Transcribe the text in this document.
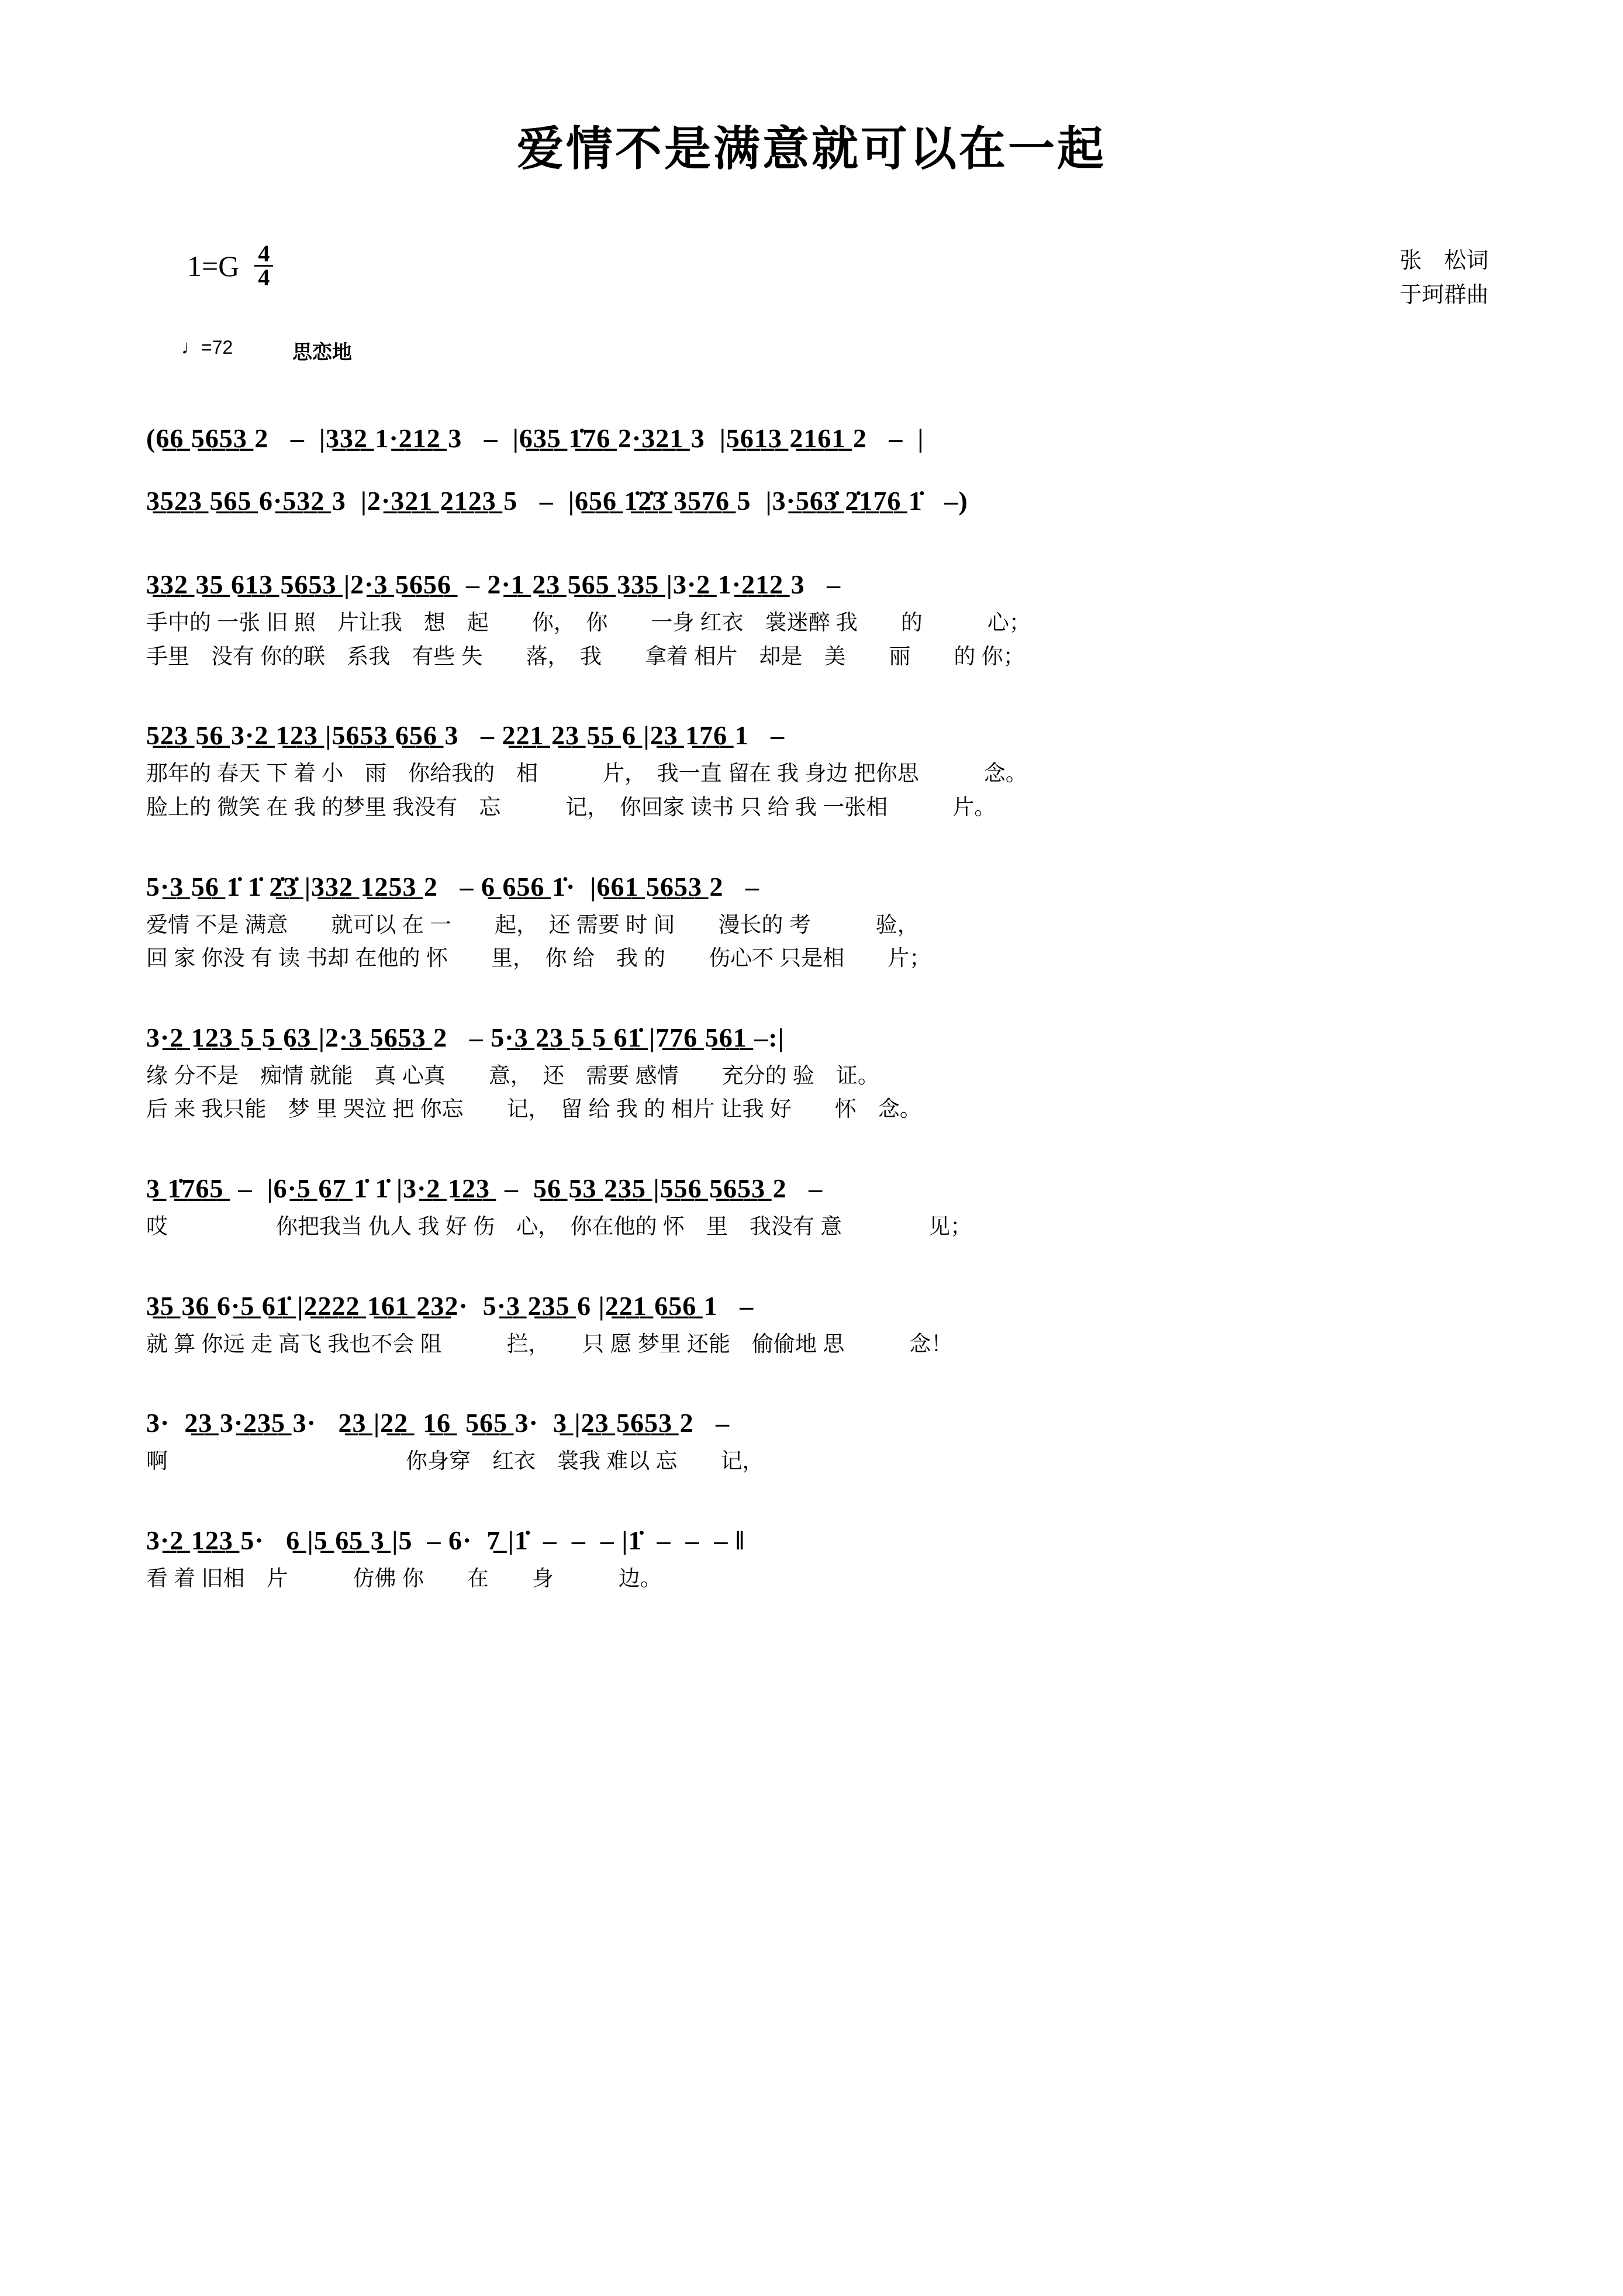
爱情不是满意就可以在一起
$1=G \frac{4}{4}$	张　松词
于珂群曲
♩=72	思恋地
(6̲6̲ 5̲6̲5̲3̲ 2   –  |3̲3̲2̲ 1·̲2̲1̲2̲ 3   –  |6̲3̲5̲ 1̲̇7̲6̲ 2·̲3̲2̲1̲ 3  |5̲6̲1̲3̲ 2̲1̲6̲1̲ 2   –  |
3̲5̲2̲3̲ 5̲6̲5̲ 6·̲5̲3̲2̲ 3  |2·̲3̲2̲1̲ 2̲1̲2̲3̲ 5   –  |6̲5̲6̲ 1̲̇2̲̇3̲̇ 3̲5̲7̲6̲ 5  |3·̲5̲6̲3̲̇ 2̲̇1̲7̲6̲ 1̇   –)
3̲3̲2̲ 3̲5̲ 6̲1̲3̲ 5̲6̲5̲3̲ |2·̲3̲ 5̲6̲5̲6̲  – 2·̲1̲ 2̲3̲ 5̲6̲5̲ 3̲3̲5̲ |3·̲2̲ 1·̲2̲1̲2̲ 3   –
手中的 一张 旧 照　片让我　想　起　　你，　你　　一身 红衣　裳迷醉 我　　的　　　心；
手里　没有 你的联　系我　有些 失　　落，　我　　拿着 相片　却是　美　　丽　　的 你；
5̲2̲3̲ 5̲6̲ 3·̲2̲ 1̲2̲3̲ |5̲6̲5̲3̲ 6̲5̲6̲ 3   – 2̲2̲1̲ 2̲3̲ 5̲5̲ 6̲ |2̲3̲ 1̲7̲6̲ 1   –
那年的 春天 下 着 小　雨　你给我的　相　　　片，　我一直 留在 我 身边 把你思　　　念。
脸上的 微笑 在 我 的梦里 我没有　忘　　　记，　你回家 读书 只 给 我 一张相　　　片。
5·̲3̲ 5̲6̲ 1̇ 1̇ 2̲̇3̲̇ |3̲3̲2̲ 1̲2̲5̲3̲ 2   – 6̲ 6̲5̲6̲ 1̇·  |6̲6̲1̲ 5̲6̲5̲3̲ 2   –
爱情 不是 满意　　就可以 在 一　　起，　还 需要 时 间　　漫长的 考　　　验，
回 家 你没 有 读 书却 在他的 怀　　里，　你 给　我 的　　伤心不 只是相　　片；
3·̲2̲ 1̲2̲3̲ 5̲ 5̲ 6̲3̲ |2·̲3̲ 5̲6̲5̲3̲ 2   – 5·̲3̲ 2̲3̲ 5̲ 5̲ 6̲1̲̇ |7̲7̲6̲ 5̲6̲1̲ –:|
缘 分不是　痴情 就能　真 心真　　意，　还　需要 感情　　充分的 验　证。
后 来 我只能　梦 里 哭泣 把 你忘　　记，　留 给 我 的 相片 让我 好　　怀　念。
3̲ 1̲̇7̲6̲5̲  –  |6·̲5̲ 6̲7̲ 1̇ 1̇ |3·̲2̲ 1̲2̲3̲  –  5̲6̲ 5̲3̲ 2̲3̲5̲ |5̲5̲6̲ 5̲6̲5̲3̲ 2   –
哎　　　　　你把我当 仇人 我 好 伤　心，　你在他的 怀　里　我没有 意　　　　见；
3̲5̲ 3̲6̲ 6·̲5̲ 6̲1̲̇ |2̲2̲2̲2̲ 1̲6̲1̲ 2̲3̲2·  5·̲3̲ 2̲3̲5̲ 6 |2̲2̲1̲ 6̲5̲6̲ 1   –
就 算 你远 走 高飞 我也不会 阻　　　拦，　　只 愿 梦里 还能　偷偷地 思　　　念！
3·  2̲3̲ 3·̲2̲3̲5̲ 3·   2̲3̲ |2̲2̲  1̲6̲  5̲6̲5̲ 3·  3̲ |2̲3̲ 5̲6̲5̲3̲ 2   –
啊　　　　　　　　　　　你身穿　红衣　裳我 难以 忘　　记，
3·̲2̲ 1̲2̲3̲ 5·   6̲ |5̲ 6̲5̲ 3̲ |5  – 6·  7̲ |1̇  –  –  – |1̇  –  –  – ‖
看 着 旧相　片　　　仿佛 你　　在　　身　　　边。
